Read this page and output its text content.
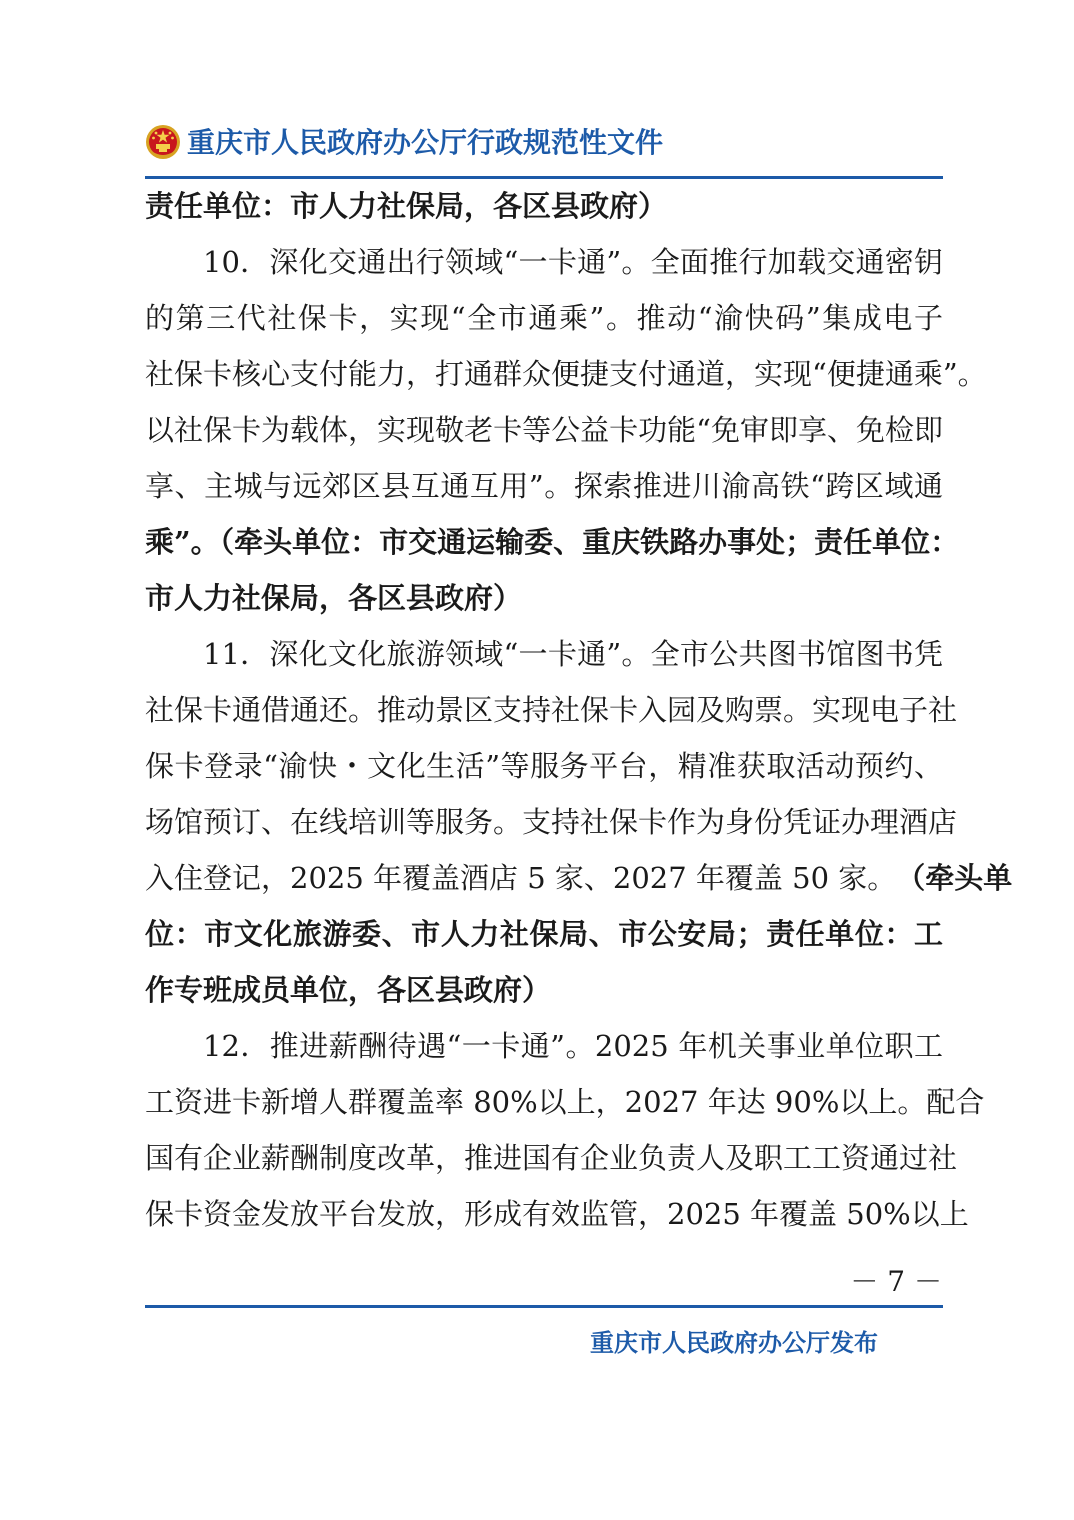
重庆市人民政府办公厅行政规范性文件
责任单位：市人力社保局，各区县政府）
10．深化交通出行领域“一卡通”。全面推行加载交通密钥
的第三代社保卡，实现“全市通乘”。推动“渝快码”集成电子
社保卡核心支付能力，打通群众便捷支付通道，实现“便捷通乘”。
以社保卡为载体，实现敬老卡等公益卡功能“免审即享、免检即
享、主城与远郊区县互通互用”。探索推进川渝高铁“跨区域通
乘”。（牵头单位：市交通运输委、重庆铁路办事处；责任单位：
市人力社保局，各区县政府）
11．深化文化旅游领域“一卡通”。全市公共图书馆图书凭
社保卡通借通还。推动景区支持社保卡入园及购票。实现电子社
保卡登录“渝快・文化生活”等服务平台，精准获取活动预约、
场馆预订、在线培训等服务。支持社保卡作为身份凭证办理酒店
入住登记，2025 年覆盖酒店 5 家、2027 年覆盖 50 家。 （牵头单
位：市文化旅游委、市人力社保局、市公安局；责任单位：工
作专班成员单位，各区县政府）
12．推进薪酬待遇“一卡通”。2025 年机关事业单位职工
工资进卡新增人群覆盖率 80%以上，2027 年达 90%以上。配合
国有企业薪酬制度改革，推进国有企业负责人及职工工资通过社
保卡资金发放平台发放，形成有效监管，2025 年覆盖 50%以上
－ 7 －
重庆市人民政府办公厅发布
